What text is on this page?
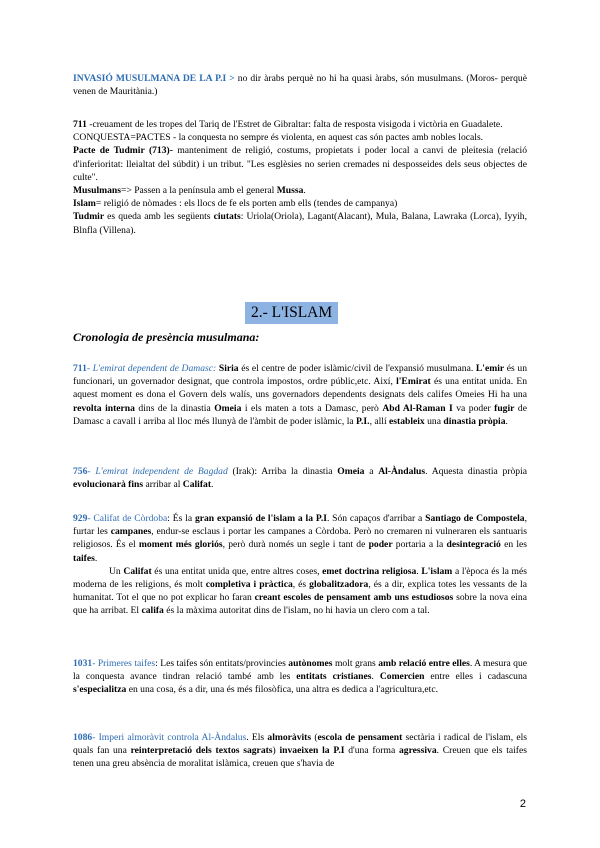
INVASIÓ MUSULMANA DE LA P.I > no dir àrabs perquè no hi ha quasi àrabs, són musulmans. (Moros- perquè venen de Mauritània.)
711 -creuament de les tropes del Tariq de l'Estret de Gibraltar: falta de resposta visigoda i victòria en Guadalete.
CONQUESTA=PACTES - la conquesta no sempre és violenta, en aquest cas són pactes amb nobles locals.
Pacte de Tudmir (713)- manteniment de religió, costums, propietats i poder local a canvi de pleitesia (relació d'inferioritat: lleialtat del súbdit) i un tribut. "Les esglèsies no serien cremades ni desposseides dels seus objectes de culte".
Musulmans=> Passen a la península amb el general Mussa.
Islam= religió de nòmades : els llocs de fe els porten amb ells (tendes de campanya)
Tudmir es queda amb les següents ciutats: Uriola(Oriola), Lagant(Alacant), Mula, Balana, Lawraka (Lorca), Iyyih, Blnfla (Villena).
2.- L'ISLAM
Cronologia de presència musulmana:
711- L'emirat dependent de Damasc: Siria és el centre de poder islàmic/civil de l'expansió musulmana. L'emir és un funcionari, un governador designat, que controla impostos, ordre públic,etc. Així, l'Emirat és una entitat unida. En aquest moment es dona el Govern dels walís, uns governadors dependents designats dels califes Omeies Hi ha una revolta interna dins de la dinastia Omeia i els maten a tots a Damasc, però Abd Al-Raman I va poder fugir de Damasc a cavall i arriba al lloc més llunyà de l'àmbit de poder islàmic, la P.I., allí estableix una dinastia pròpia.
756- L'emirat independent de Bagdad (Irak): Arriba la dinastia Omeia a Al-Àndalus. Aquesta dinastia pròpia evolucionarà fins arribar al Califat.
929- Califat de Còrdoba: És la gran expansió de l'islam a la P.I. Són capaços d'arribar a Santiago de Compostela, furtar les campanes, endur-se esclaus i portar les campanes a Còrdoba. Però no cremaren ni vulneraren els santuaris religiosos. És el moment més gloriós, però durà només un segle i tant de poder portaria a la desintegració en les taifes.
Un Califat és una entitat unida que, entre altres coses, emet doctrina religiosa. L'islam a l'època és la més moderna de les religions, és molt completiva i pràctica, és globalitzadora, és a dir, explica totes les vessants de la humanitat. Tot el que no pot explicar ho faran creant escoles de pensament amb uns estudiosos sobre la nova eina que ha arribat. El califa és la màxima autoritat dins de l'islam, no hi havia un clero com a tal.
1031- Primeres taifes: Les taifes són entitats/provincies autònomes molt grans amb relació entre elles. A mesura que la conquesta avance tindran relació també amb les entitats cristianes. Comercien entre elles i cadascuna s'especialitza en una cosa, és a dir, una és més filosòfica, una altra es dedica a l'agricultura,etc.
1086- Imperi almoràvit controla Al-Àndalus. Els almoràvits (escola de pensament sectària i radical de l'islam, els quals fan una reinterpretació dels textos sagrats) invaeixen la P.I d'una forma agressiva. Creuen que els taifes tenen una greu absència de moralitat islàmica, creuen que s'havia de
2
